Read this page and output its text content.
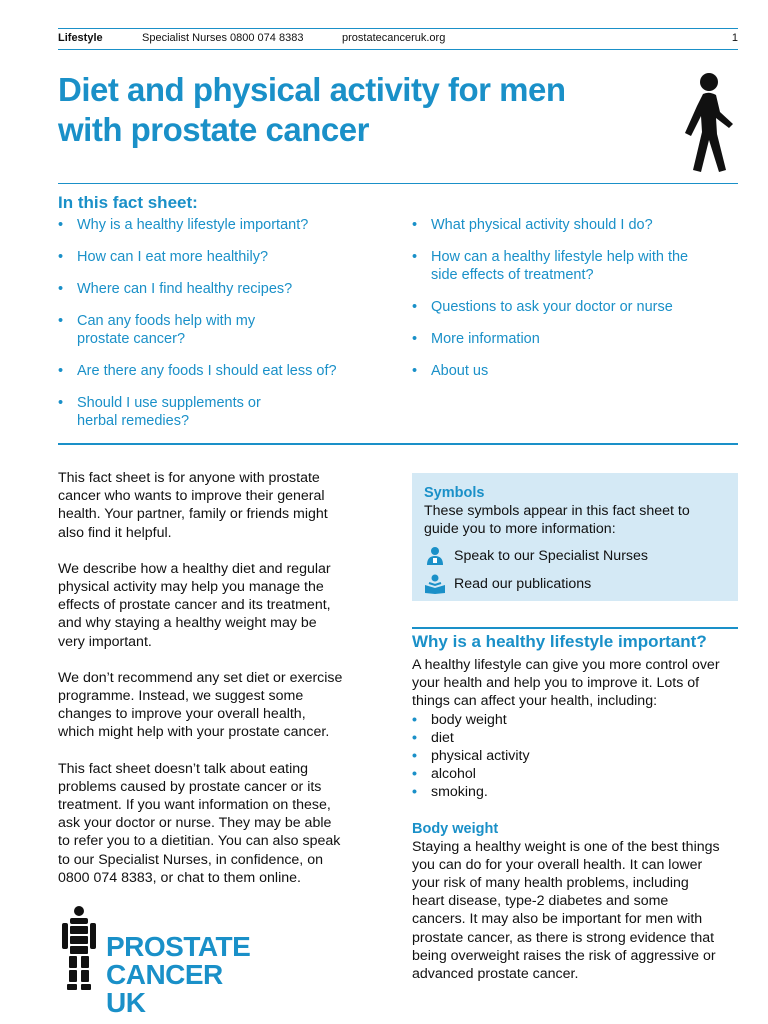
Lifestyle	Specialist Nurses 0800 074 8383	prostatecanceruk.org	1
Diet and physical activity for men
with prostate cancer
In this fact sheet:
• Why is a healthy lifestyle important?
• How can I eat more healthily?
• Where can I find healthy recipes?
• Can any foods help with my
prostate cancer?
• Are there any foods I should eat less of?
• Should I use supplements or
herbal remedies?
• What physical activity should I do?
• How can a healthy lifestyle help with the
side effects of treatment?
• Questions to ask your doctor or nurse
• More information
• About us

This fact sheet is for anyone with prostate
cancer who wants to improve their general
health. Your partner, family or friends might
also find it helpful.

We describe how a healthy diet and regular
physical activity may help you manage the
effects of prostate cancer and its treatment,
and why staying a healthy weight may be
very important.

We don’t recommend any set diet or exercise
programme. Instead, we suggest some
changes to improve your overall health,
which might help with your prostate cancer.

This fact sheet doesn’t talk about eating
problems caused by prostate cancer or its
treatment. If you want information on these,
ask your doctor or nurse. They may be able
to refer you to a dietitian. You can also speak
to our Specialist Nurses, in confidence, on
0800 074 8383, or chat to them online.

PROSTATE
CANCER UK
Symbols
These symbols appear in this fact sheet to
guide you to more information:
Speak to our Specialist Nurses
Read our publications
Why is a healthy lifestyle important?
A healthy lifestyle can give you more control over
your health and help you to improve it. Lots of
things can affect your health, including:
• body weight
• diet
• physical activity
• alcohol
• smoking.
Body weight
Staying a healthy weight is one of the best things
you can do for your overall health. It can lower
your risk of many health problems, including
heart disease, type-2 diabetes and some
cancers. It may also be important for men with
prostate cancer, as there is strong evidence that
being overweight raises the risk of aggressive or
advanced prostate cancer.
